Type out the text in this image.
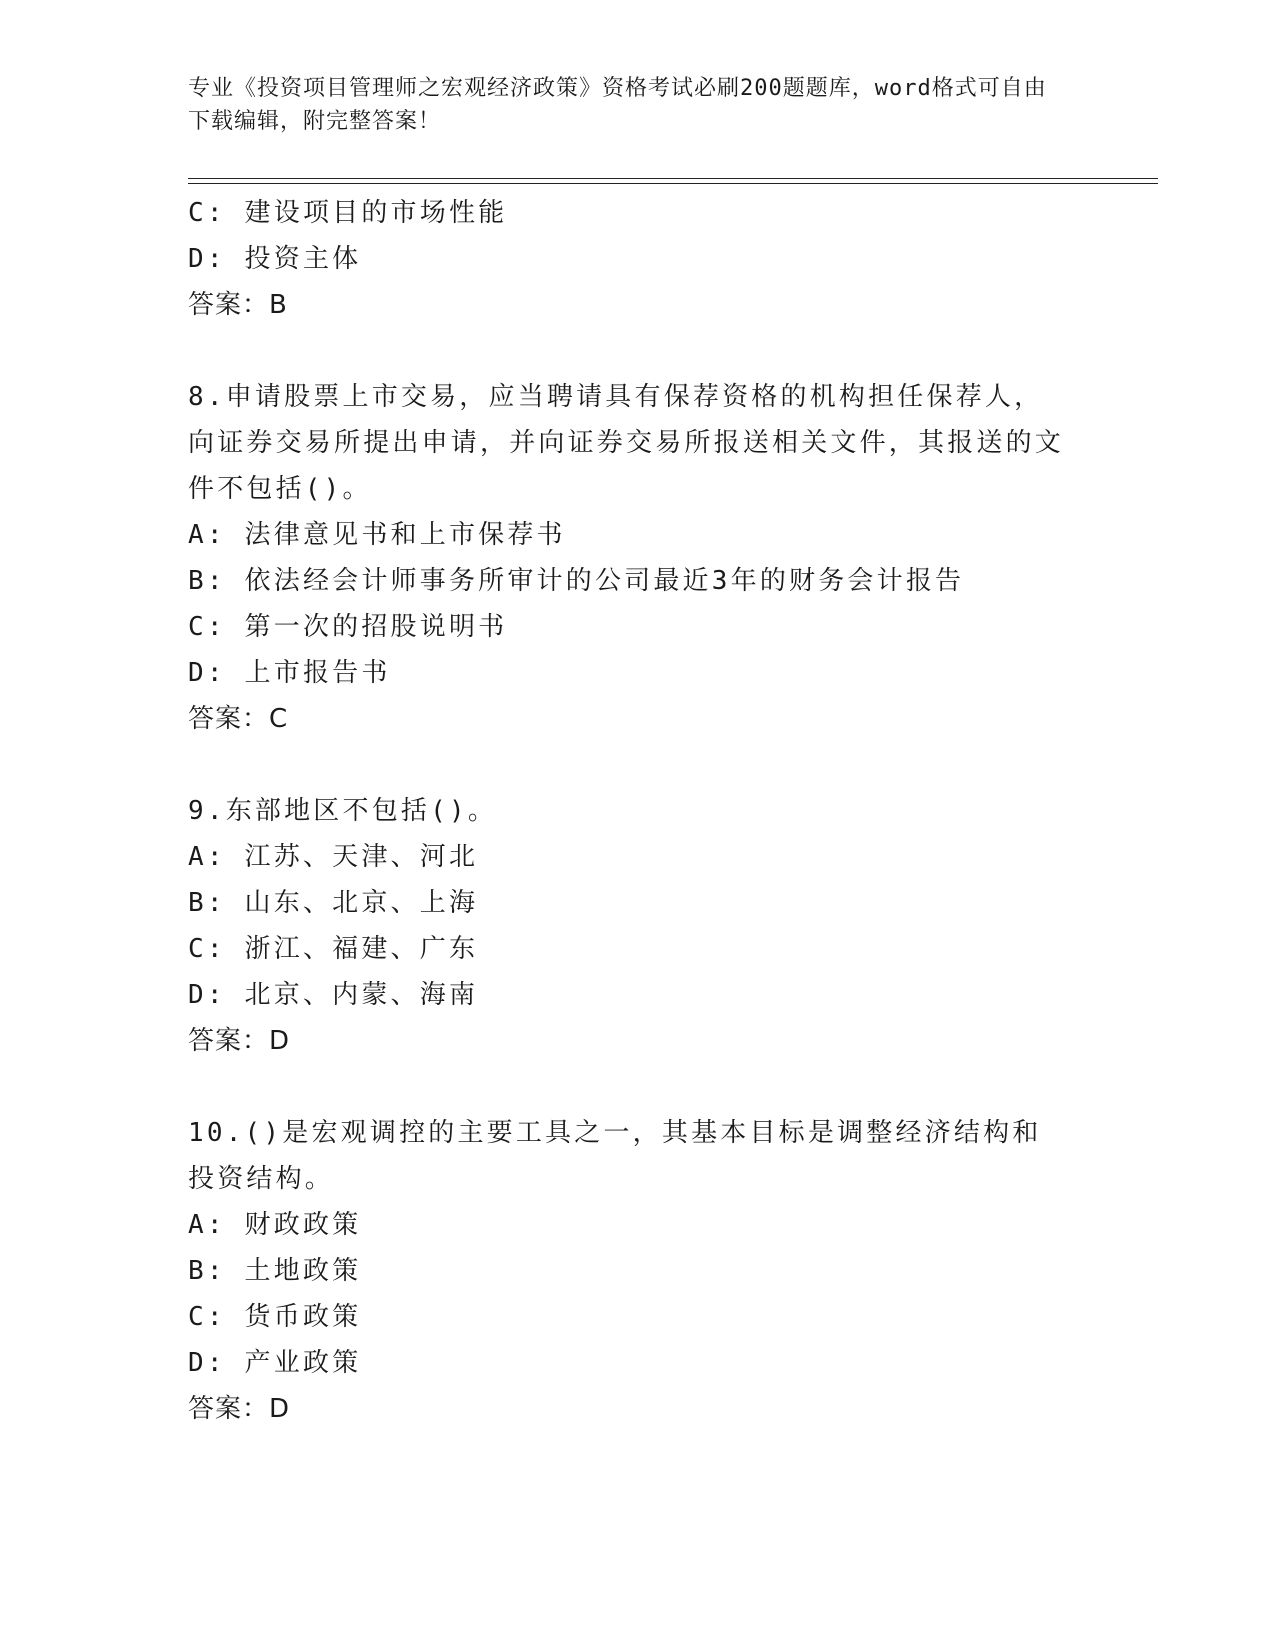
专业《投资项目管理师之宏观经济政策》资格考试必刷200题题库，word格式可自由下载编辑，附完整答案！
C: 建设项目的市场性能
D: 投资主体
答案：B
8.申请股票上市交易，应当聘请具有保荐资格的机构担任保荐人，向证券交易所提出申请，并向证券交易所报送相关文件，其报送的文件不包括()。
A: 法律意见书和上市保荐书
B: 依法经会计师事务所审计的公司最近3年的财务会计报告
C: 第一次的招股说明书
D: 上市报告书
答案：C
9.东部地区不包括()。
A: 江苏、天津、河北
B: 山东、北京、上海
C: 浙江、福建、广东
D: 北京、内蒙、海南
答案：D
10.()是宏观调控的主要工具之一，其基本目标是调整经济结构和投资结构。
A: 财政政策
B: 土地政策
C: 货币政策
D: 产业政策
答案：D
